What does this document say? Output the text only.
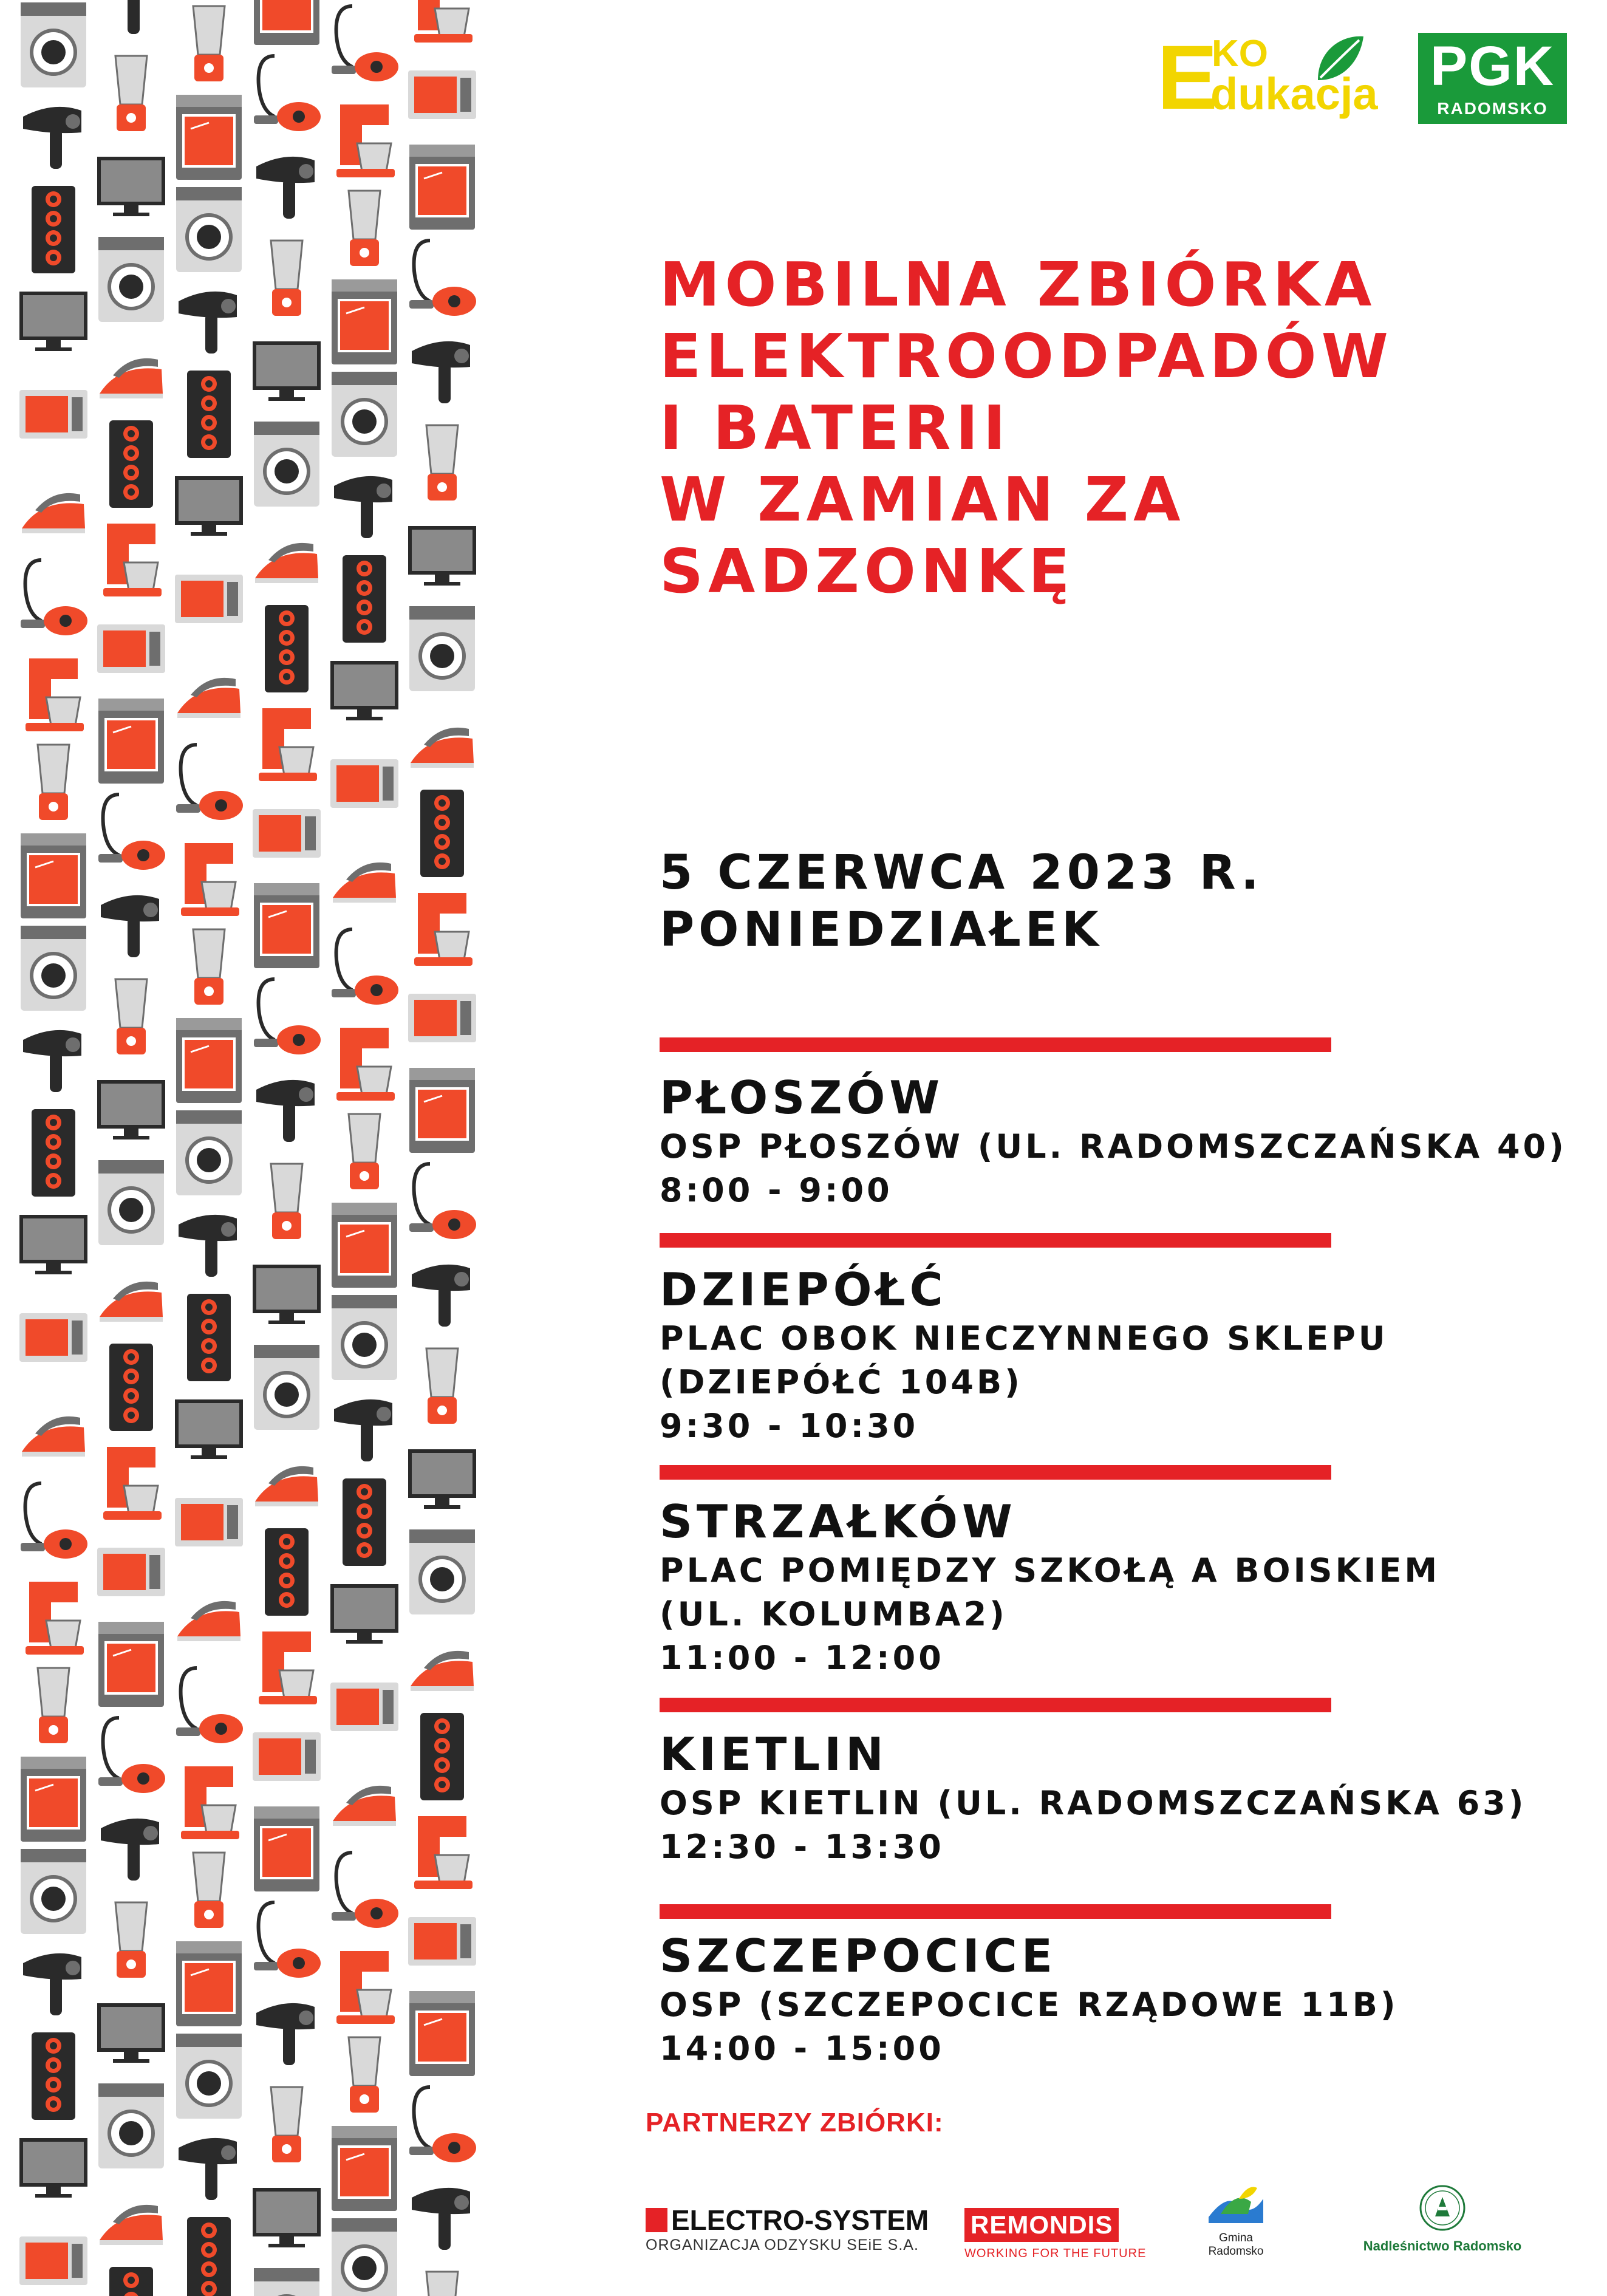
E
KO
dukacja PGK
RADOMSKO
MOBILNA ZBIÓRKA
ELEKTROODPADÓW
I BATERII
W ZAMIAN ZA
SADZONKĘ
5 CZERWCA 2023 R.
PONIEDZIAŁEK
PŁOSZÓW
OSP PŁOSZÓW (UL. RADOMSZCZAŃSKA 40)
8:00 - 9:00
DZIEPÓŁĆ
PLAC OBOK NIECZYNNEGO SKLEPU
(DZIEPÓŁĆ 104B)
9:30 - 10:30
STRZAŁKÓW
PLAC POMIĘDZY SZKOŁĄ A BOISKIEM
(UL. KOLUMBA2)
11:00 - 12:00
KIETLIN
OSP KIETLIN (UL. RADOMSZCZAŃSKA 63)
12:30 - 13:30
SZCZEPOCICE
OSP (SZCZEPOCICE RZĄDOWE 11B)
14:00 - 15:00
PARTNERZY ZBIÓRKI:
ELECTRO-SYSTEM
ORGANIZACJA ODZYSKU SEiE S.A.
REMONDIS
WORKING FOR THE FUTURE
Gmina
Radomsko	Nadleśnictwo Radomsko
